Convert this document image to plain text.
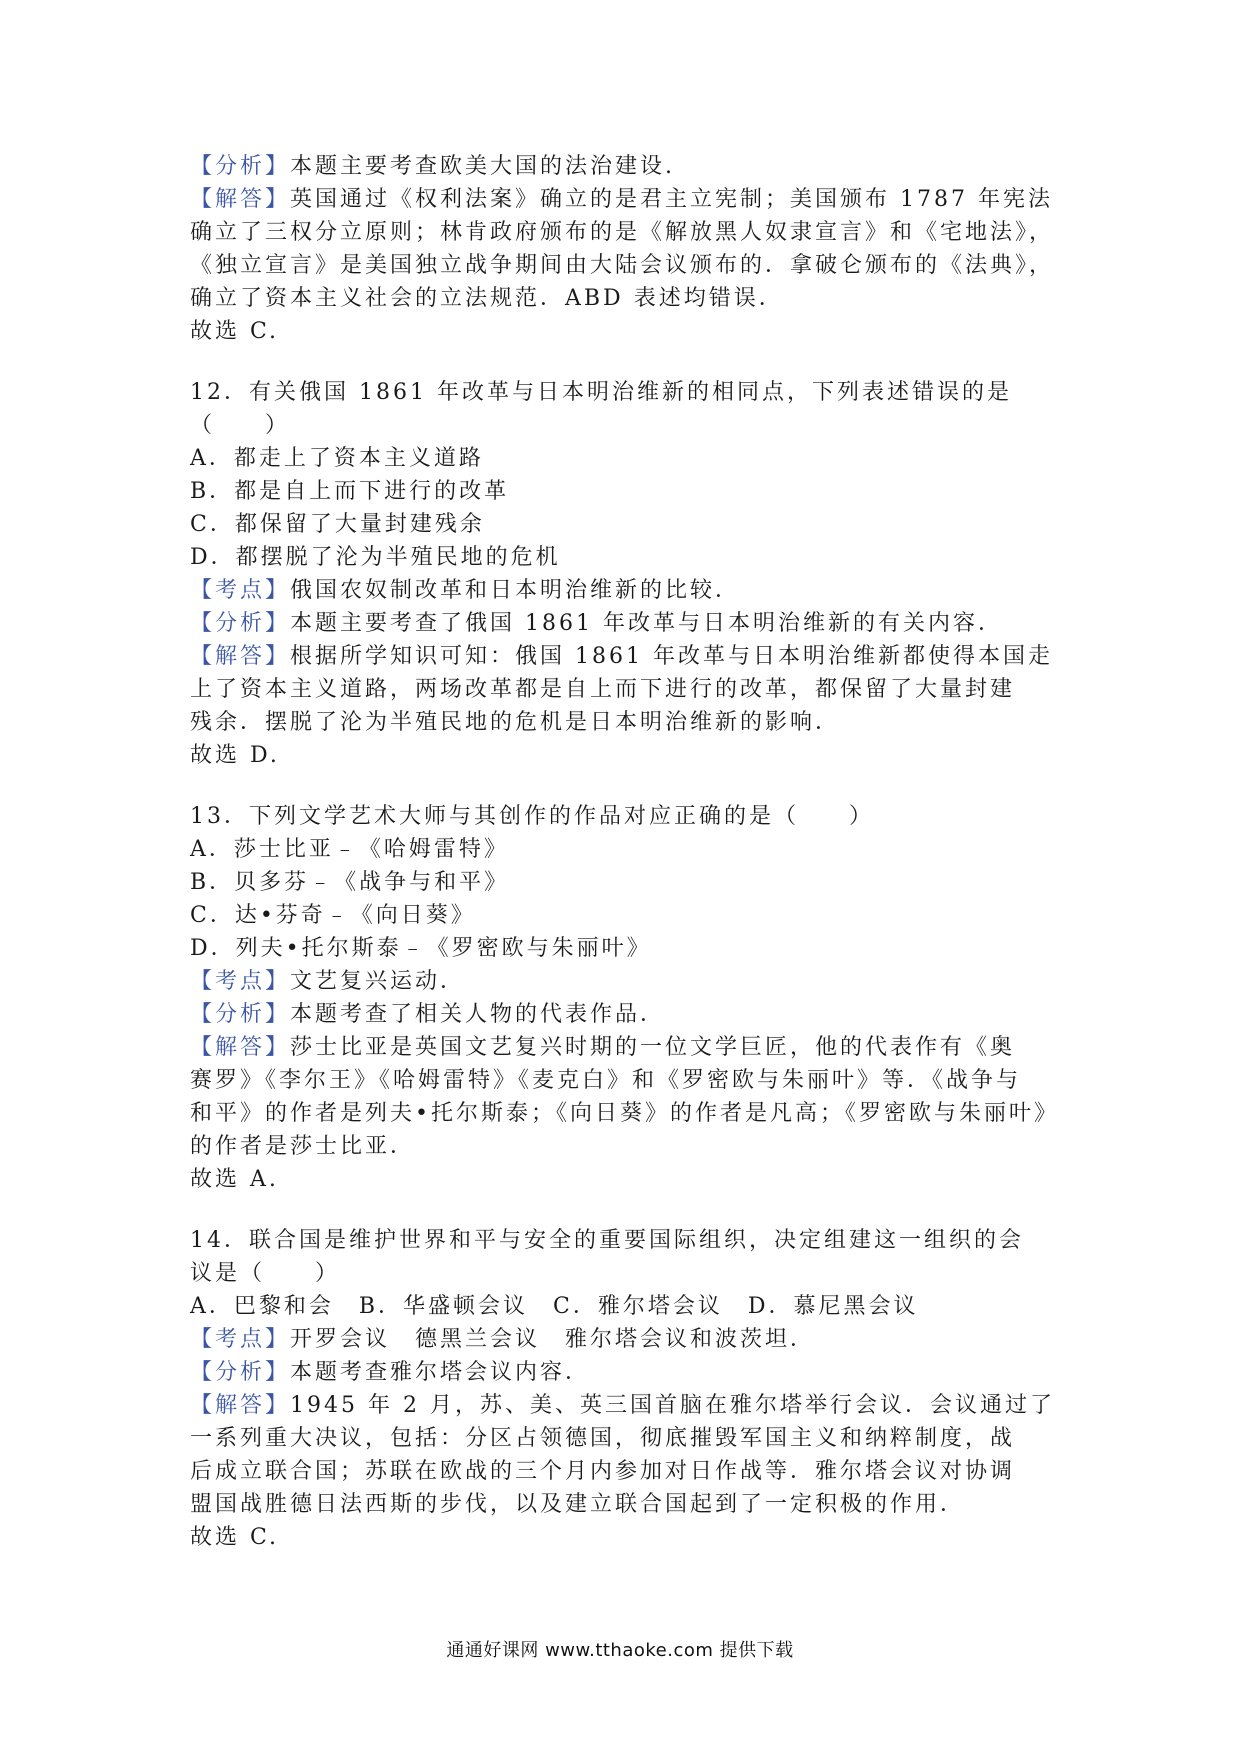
【分析】本题主要考查欧美大国的法治建设.
【解答】英国通过《权利法案》确立的是君主立宪制；美国颁布 1787 年宪法
确立了三权分立原则；林肯政府颁布的是《解放黑人奴隶宣言》和《宅地法》，
《独立宣言》是美国独立战争期间由大陆会议颁布的．拿破仑颁布的《法典》，
确立了资本主义社会的立法规范．ABD 表述均错误．
故选 C.
12．有关俄国 1861 年改革与日本明治维新的相同点，下列表述错误的是
（　　）
A．都走上了资本主义道路
B．都是自上而下进行的改革
C．都保留了大量封建残余
D．都摆脱了沦为半殖民地的危机
【考点】俄国农奴制改革和日本明治维新的比较．
【分析】本题主要考查了俄国 1861 年改革与日本明治维新的有关内容．
【解答】根据所学知识可知：俄国 1861 年改革与日本明治维新都使得本国走
上了资本主义道路，两场改革都是自上而下进行的改革，都保留了大量封建
残余．摆脱了沦为半殖民地的危机是日本明治维新的影响．
故选 D.
13．下列文学艺术大师与其创作的作品对应正确的是（　　）
A．莎士比亚﹣《哈姆雷特》
B．贝多芬﹣《战争与和平》
C．达•芬奇﹣《向日葵》
D．列夫•托尔斯泰﹣《罗密欧与朱丽叶》
【考点】文艺复兴运动．
【分析】本题考查了相关人物的代表作品．
【解答】莎士比亚是英国文艺复兴时期的一位文学巨匠，他的代表作有《奥
赛罗》《李尔王》《哈姆雷特》《麦克白》和《罗密欧与朱丽叶》等．《战争与
和平》的作者是列夫•托尔斯泰；《向日葵》的作者是凡高；《罗密欧与朱丽叶》
的作者是莎士比亚．
故选 A.
14．联合国是维护世界和平与安全的重要国际组织，决定组建这一组织的会
议是（　　）
A．巴黎和会　B．华盛顿会议　C．雅尔塔会议　D．慕尼黑会议
【考点】开罗会议　德黑兰会议　雅尔塔会议和波茨坦．
【分析】本题考查雅尔塔会议内容．
【解答】1945 年 2 月，苏、美、英三国首脑在雅尔塔举行会议．会议通过了
一系列重大决议，包括：分区占领德国，彻底摧毁军国主义和纳粹制度，战
后成立联合国；苏联在欧战的三个月内参加对日作战等．雅尔塔会议对协调
盟国战胜德日法西斯的步伐，以及建立联合国起到了一定积极的作用．
故选 C.
通通好课网 www.tthaoke.com 提供下载
